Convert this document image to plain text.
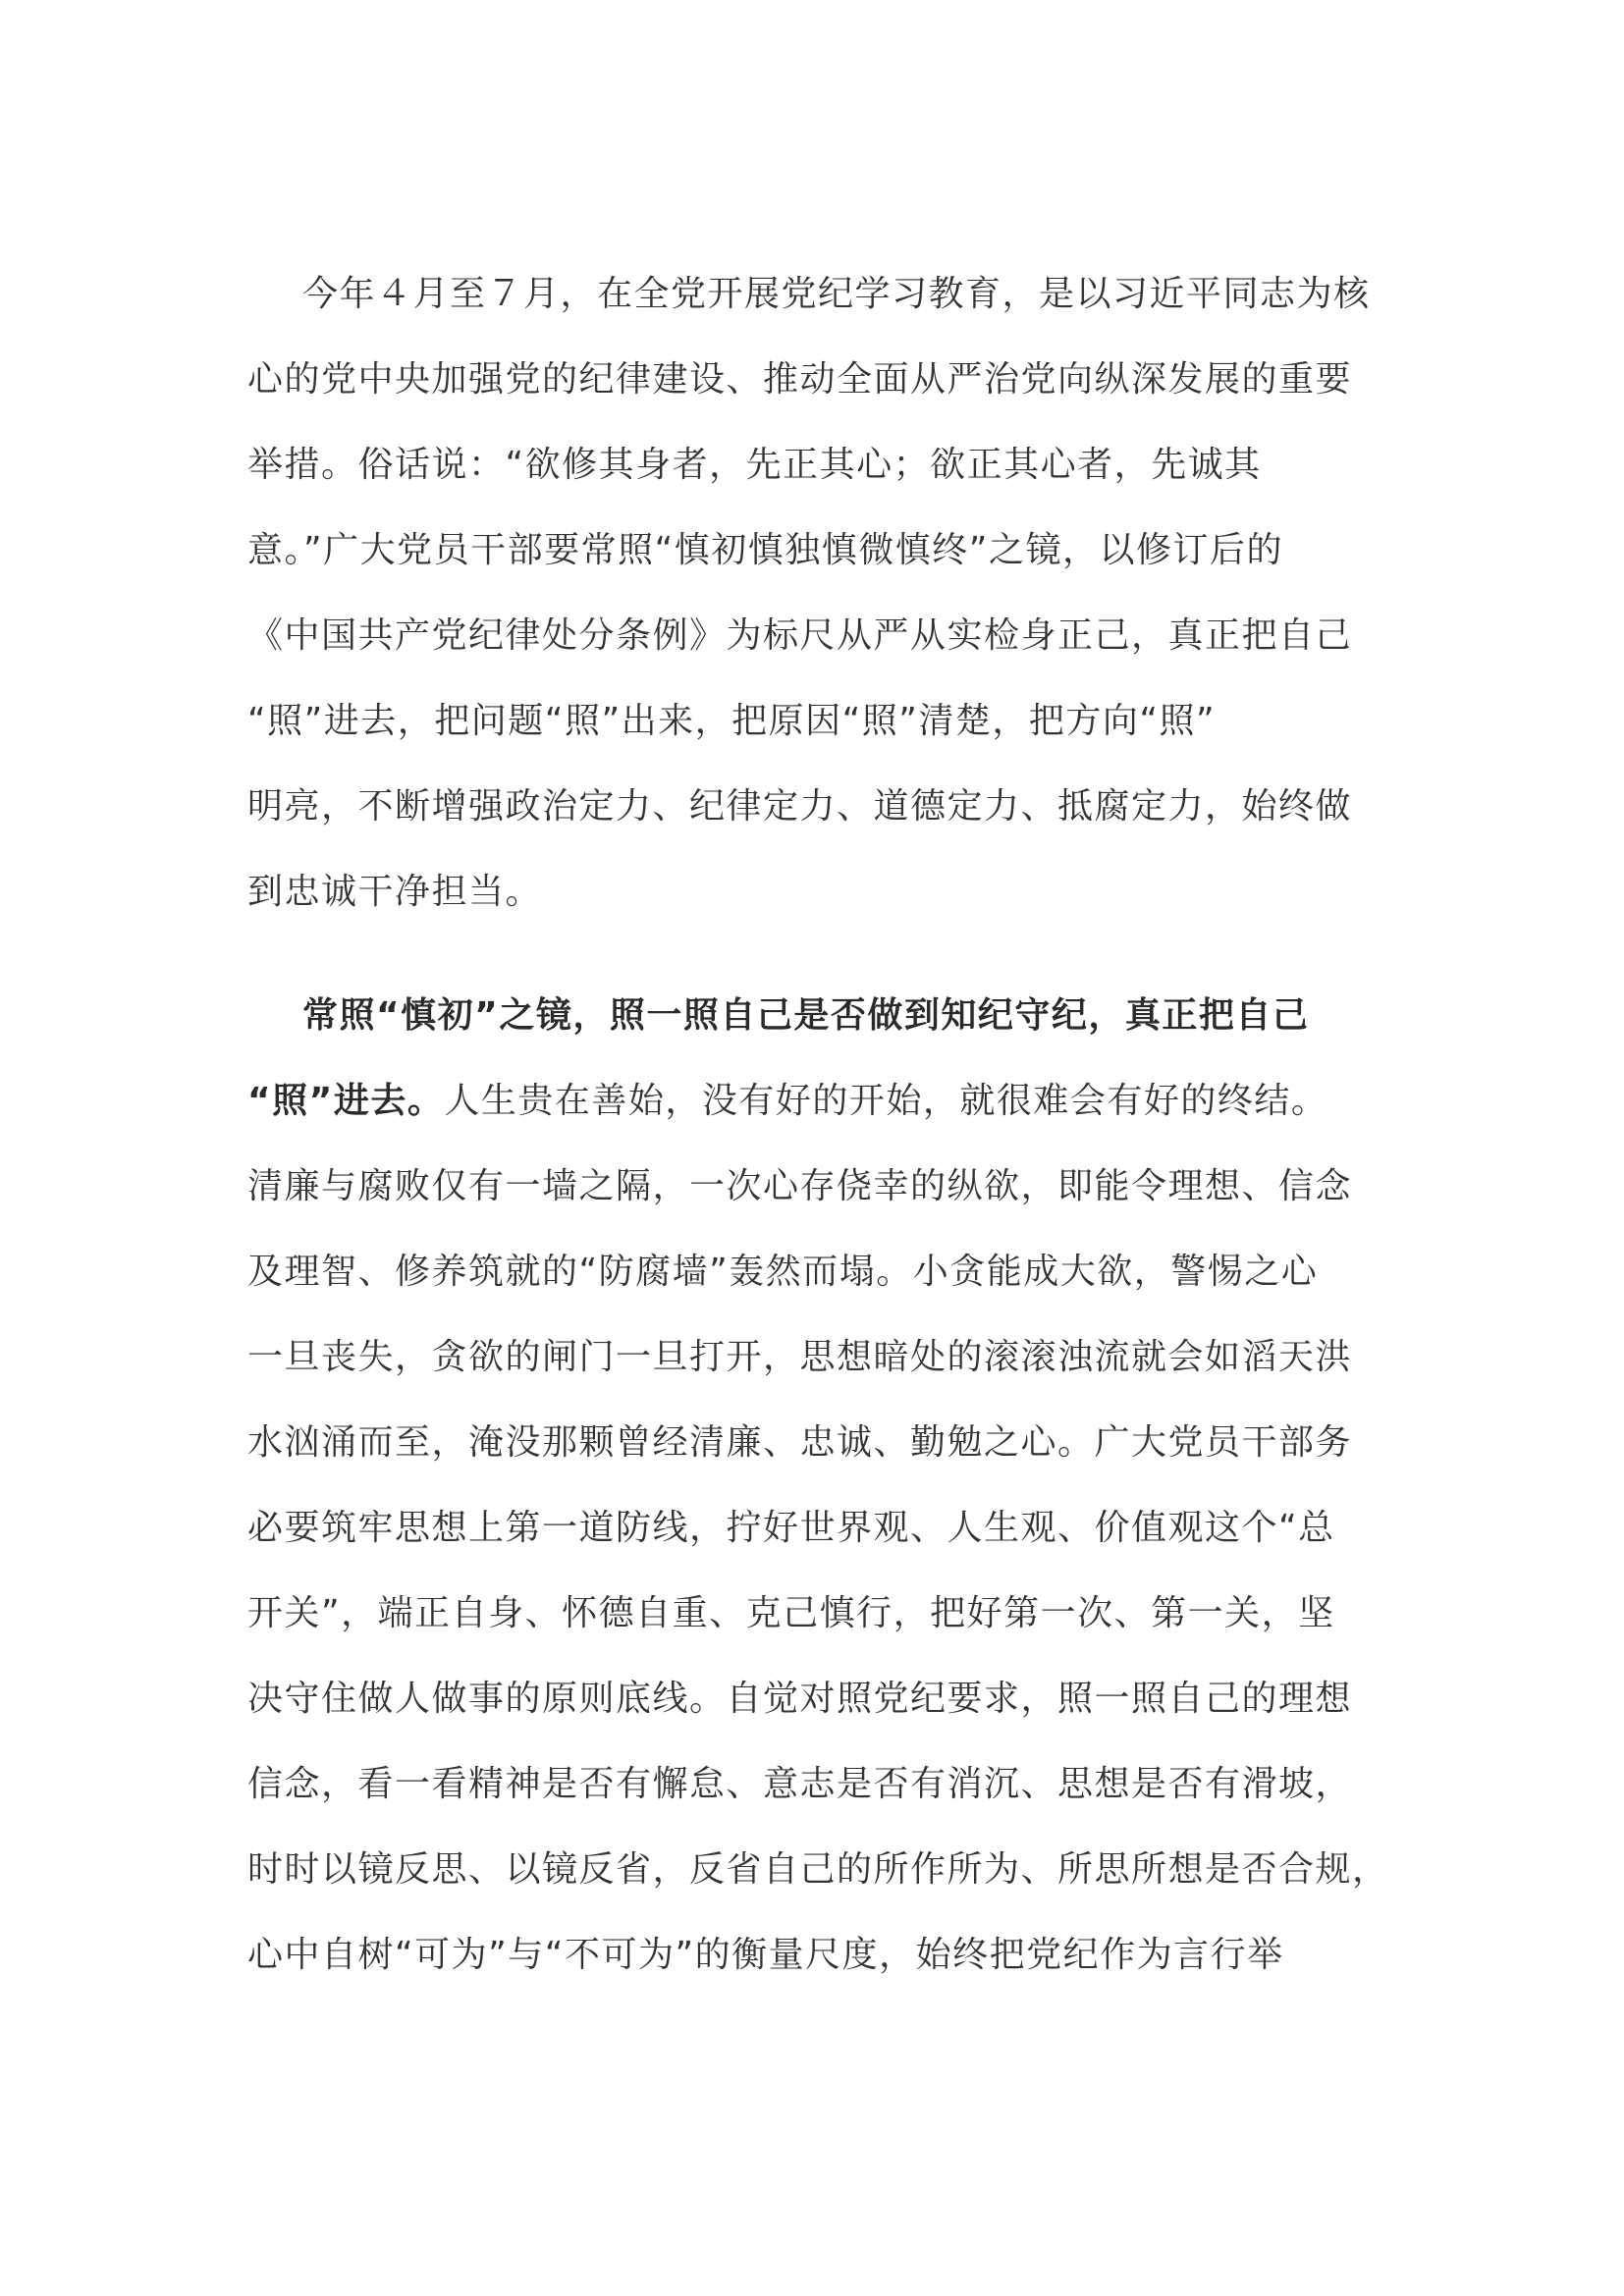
今年４月至７月，在全党开展党纪学习教育，是以习近平同志为核
心的党中央加强党的纪律建设、推动全面从严治党向纵深发展的重要
举措。俗话说：“欲修其身者，先正其心；欲正其心者，先诚其
意。”广大党员干部要常照“慎初慎独慎微慎终”之镜，以修订后的
《中国共产党纪律处分条例》为标尺从严从实检身正己，真正把自己
“照”进去，把问题“照”出来，把原因“照”清楚，把方向“照”
明亮，不断增强政治定力、纪律定力、道德定力、抵腐定力，始终做
到忠诚干净担当。
常照“慎初”之镜，照一照自己是否做到知纪守纪，真正把自己
“照”进去。人生贵在善始，没有好的开始，就很难会有好的终结。
清廉与腐败仅有一墙之隔，一次心存侥幸的纵欲，即能令理想、信念
及理智、修养筑就的“防腐墙”轰然而塌。小贪能成大欲，警惕之心
一旦丧失，贪欲的闸门一旦打开，思想暗处的滚滚浊流就会如滔天洪
水汹涌而至，淹没那颗曾经清廉、忠诚、勤勉之心。广大党员干部务
必要筑牢思想上第一道防线，拧好世界观、人生观、价值观这个“总
开关”，端正自身、怀德自重、克己慎行，把好第一次、第一关，坚
决守住做人做事的原则底线。自觉对照党纪要求，照一照自己的理想
信念，看一看精神是否有懈怠、意志是否有消沉、思想是否有滑坡，
时时以镜反思、以镜反省，反省自己的所作所为、所思所想是否合规，
心中自树“可为”与“不可为”的衡量尺度，始终把党纪作为言行举
